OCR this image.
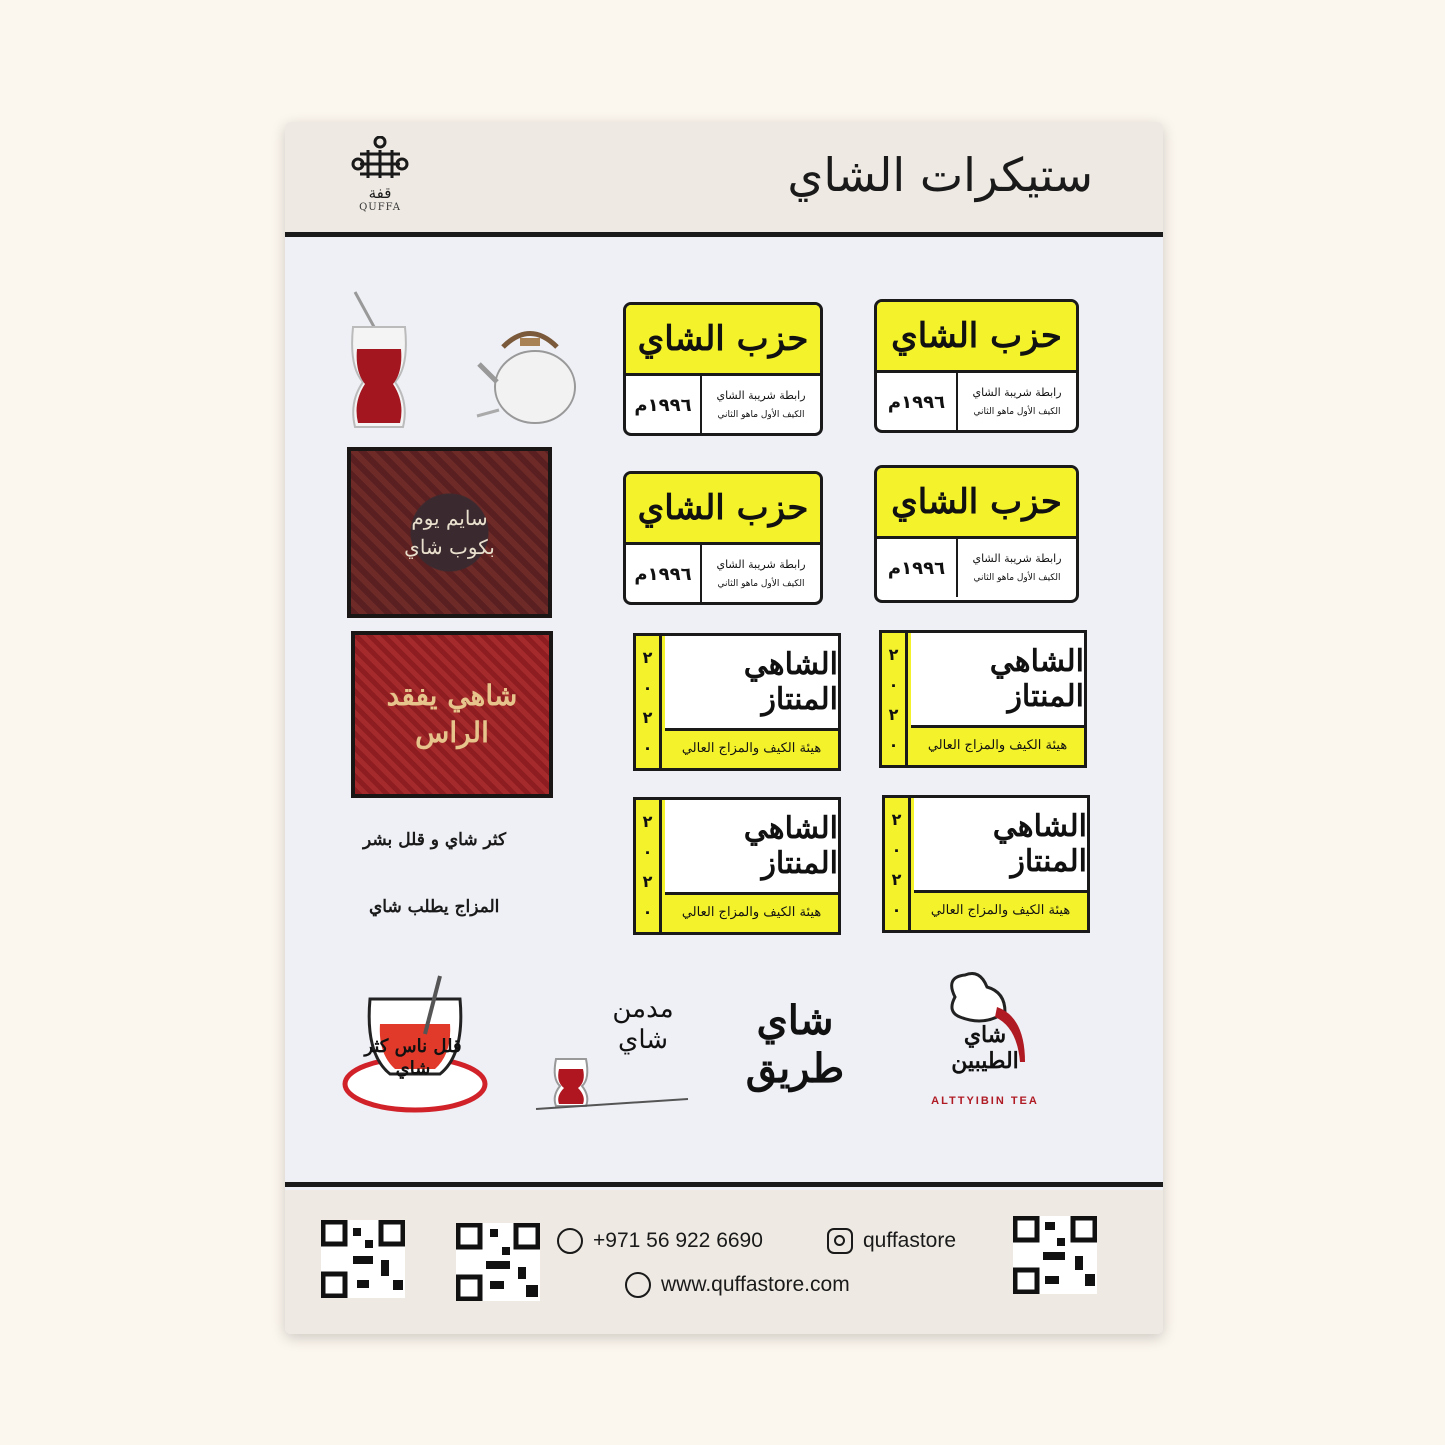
قفة
QUFFA
ستيكرات الشاي
حزب الشاي
رابطة شريبة الشاي
الكيف الأول ماهو الثاني
١٩٩٦م
حزب الشاي
رابطة شريبة الشاي
الكيف الأول ماهو الثاني
١٩٩٦م
حزب الشاي
رابطة شريبة الشاي
الكيف الأول ماهو الثاني
١٩٩٦م
حزب الشاي
رابطة شريبة الشاي
الكيف الأول ماهو الثاني
١٩٩٦م
٢
٠
٢
٠
الشاهي المنتاز
هيئة الكيف والمزاج العالي
٢
٠
٢
٠
الشاهي المنتاز
هيئة الكيف والمزاج العالي
٢
٠
٢
٠
الشاهي المنتاز
هيئة الكيف والمزاج العالي
٢
٠
٢
٠
الشاهي المنتاز
هيئة الكيف والمزاج العالي
سايم يوم بكوب شاي
شاهي يفقد الراس
كثر شاي و قلل بشر
المزاج يطلب شاي
قلل ناس كثر شاي
مدمن شاي	شاي طريق
شاي الطيبين
ALTTYIBIN TEA
+971 56 922 6690	quffastore
www.quffastore.com
